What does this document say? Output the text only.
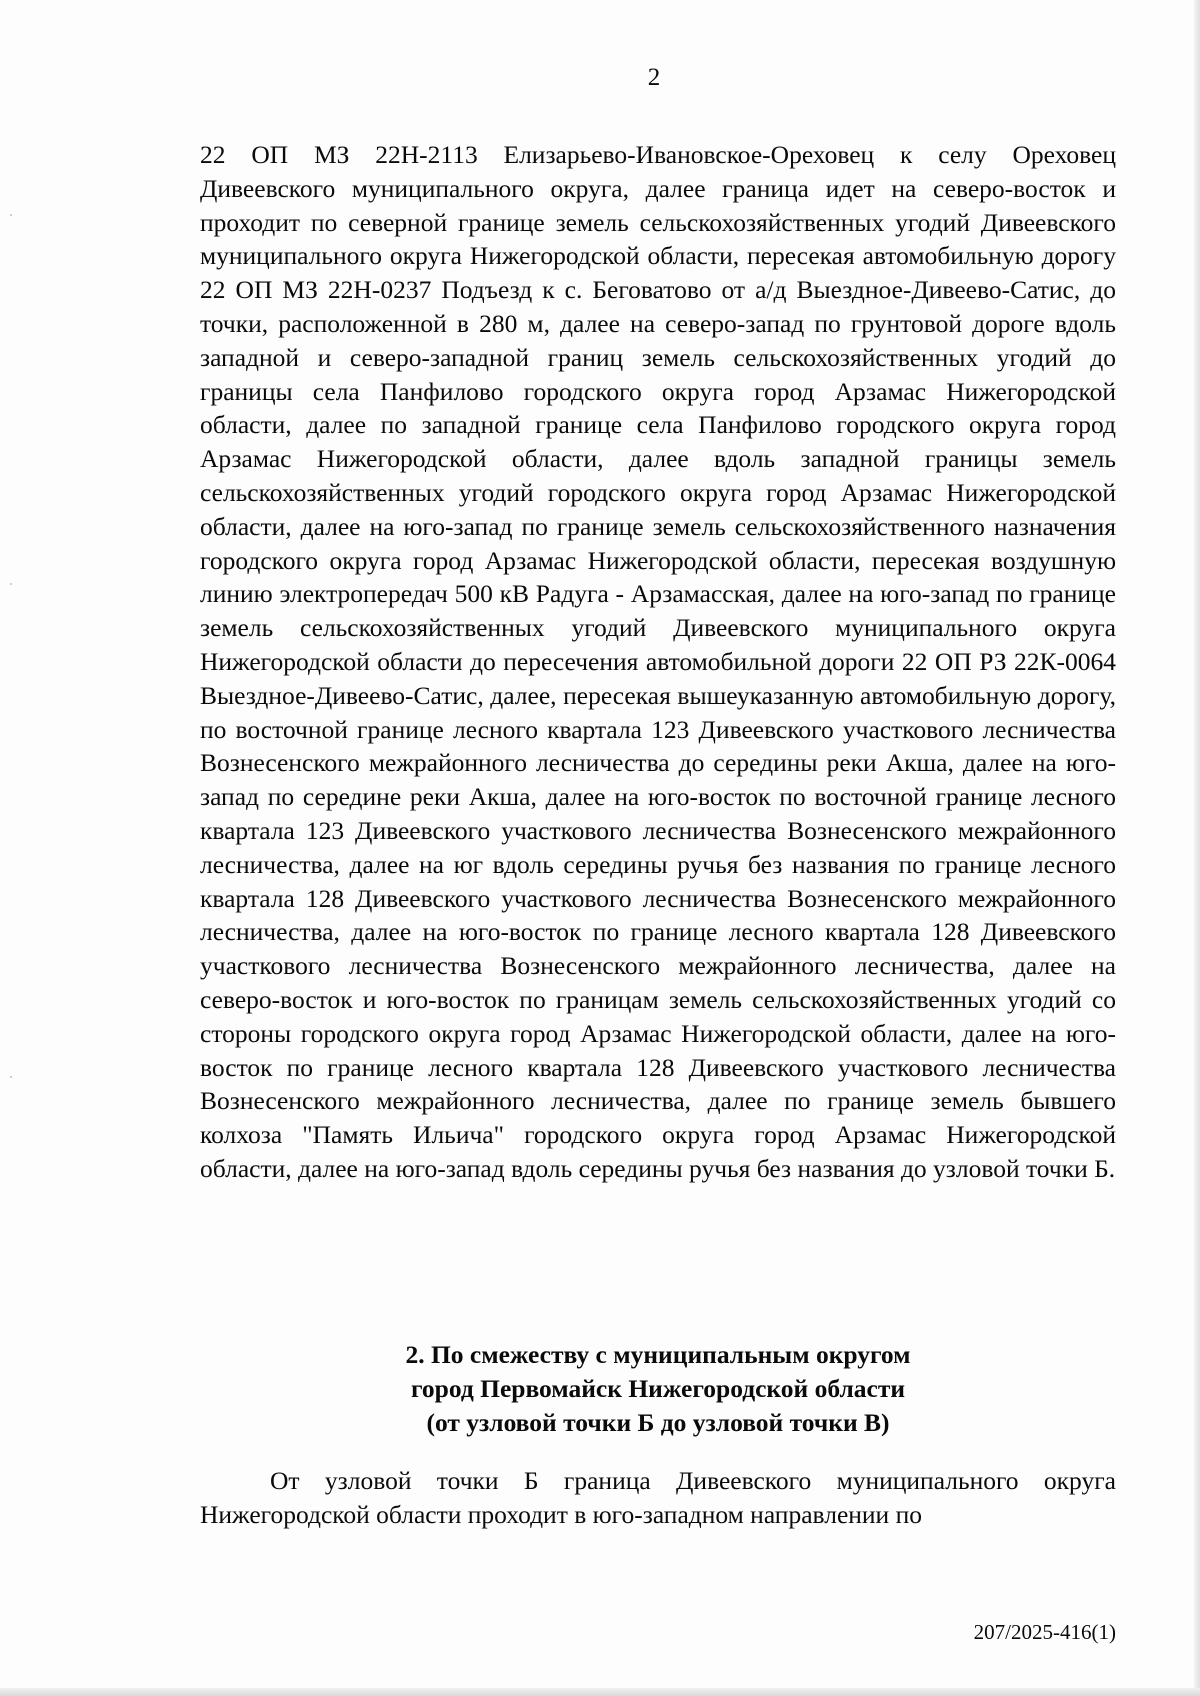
2

22 ОП МЗ 22Н-2113 Елизарьево-Ивановское-Ореховец к селу Ореховец Дивеевского муниципального округа, далее граница идет на северо-восток и проходит по северной границе земель сельскохозяйственных угодий Дивеевского муниципального округа Нижегородской области, пересекая автомобильную дорогу 22 ОП МЗ 22Н-0237 Подъезд к с. Беговатово от а/д Выездное-Дивеево-Сатис, до точки, расположенной в 280 м, далее на северо-запад по грунтовой дороге вдоль западной и северо-западной границ земель сельскохозяйственных угодий до границы села Панфилово городского округа город Арзамас Нижегородской области, далее по западной границе села Панфилово городского округа город Арзамас Нижегородской области, далее вдоль западной границы земель сельскохозяйственных угодий городского округа город Арзамас Нижегородской области, далее на юго-запад по границе земель сельскохозяйственного назначения городского округа город Арзамас Нижегородской области, пересекая воздушную линию электропередач 500 кВ Радуга - Арзамасская, далее на юго-запад по границе земель сельскохозяйственных угодий Дивеевского муниципального округа Нижегородской области до пересечения автомобильной дороги 22 ОП РЗ 22К-0064 Выездное-Дивеево-Сатис, далее, пересекая вышеуказанную автомобильную дорогу, по восточной границе лесного квартала 123 Дивеевского участкового лесничества Вознесенского межрайонного лесничества до середины реки Акша, далее на юго-запад по середине реки Акша, далее на юго-восток по восточной границе лесного квартала 123 Дивеевского участкового лесничества Вознесенского межрайонного лесничества, далее на юг вдоль середины ручья без названия по границе лесного квартала 128 Дивеевского участкового лесничества Вознесенского межрайонного лесничества, далее на юго-восток по границе лесного квартала 128 Дивеевского участкового лесничества Вознесенского межрайонного лесничества, далее на северо-восток и юго-восток по границам земель сельскохозяйственных угодий со стороны городского округа город Арзамас Нижегородской области, далее на юго-восток по границе лесного квартала 128 Дивеевского участкового лесничества Вознесенского межрайонного лесничества, далее по границе земель бывшего колхоза "Память Ильича" городского округа город Арзамас Нижегородской области, далее на юго-запад вдоль середины ручья без названия до узловой точки Б.

2. По смежеству с муниципальным округом
город Первомайск Нижегородской области
(от узловой точки Б до узловой точки В)

От узловой точки Б граница Дивеевского муниципального округа Нижегородской области проходит в юго-западном направлении по

207/2025-416(1)
